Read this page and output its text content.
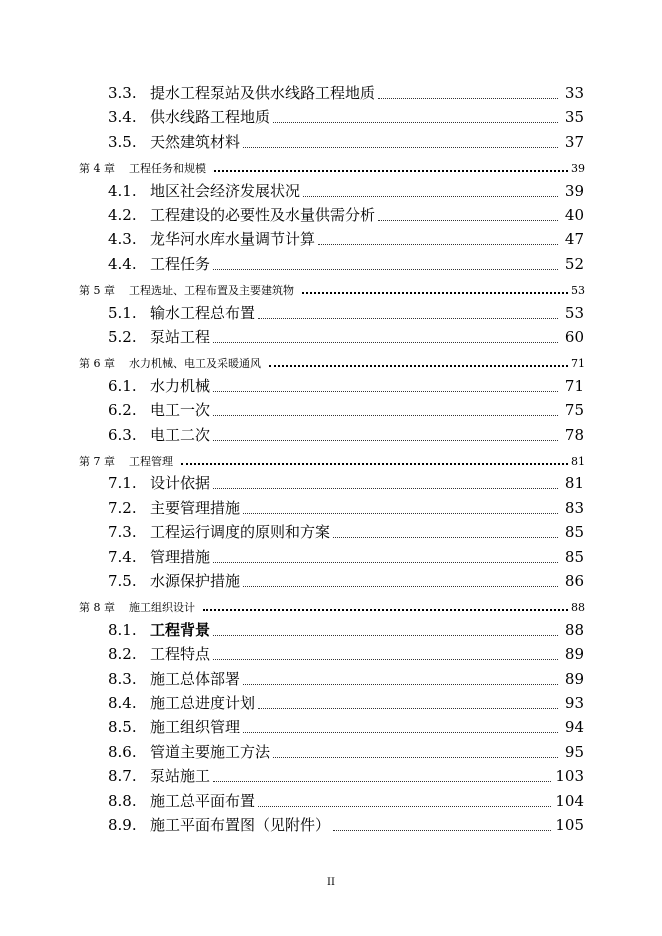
3.3. 提水工程泵站及供水线路工程地质	33
3.4. 供水线路工程地质	35
3.5. 天然建筑材料	37
第 4 章 工程任务和规模	39
4.1. 地区社会经济发展状况	39
4.2. 工程建设的必要性及水量供需分析	40
4.3. 龙华河水库水量调节计算	47
4.4. 工程任务	52
第 5 章 工程选址、工程布置及主要建筑物	53
5.1. 输水工程总布置	53
5.2. 泵站工程	60
第 6 章 水力机械、电工及采暖通风	71
6.1. 水力机械	71
6.2. 电工一次	75
6.3. 电工二次	78
第 7 章 工程管理	81
7.1. 设计依据	81
7.2. 主要管理措施	83
7.3. 工程运行调度的原则和方案	85
7.4. 管理措施	85
7.5. 水源保护措施	86
第 8 章 施工组织设计	88
8.1. 工程背景	88
8.2. 工程特点	89
8.3. 施工总体部署	89
8.4. 施工总进度计划	93
8.5. 施工组织管理	94
8.6. 管道主要施工方法	95
8.7. 泵站施工	103
8.8. 施工总平面布置	104
8.9. 施工平面布置图（见附件）	105
II
